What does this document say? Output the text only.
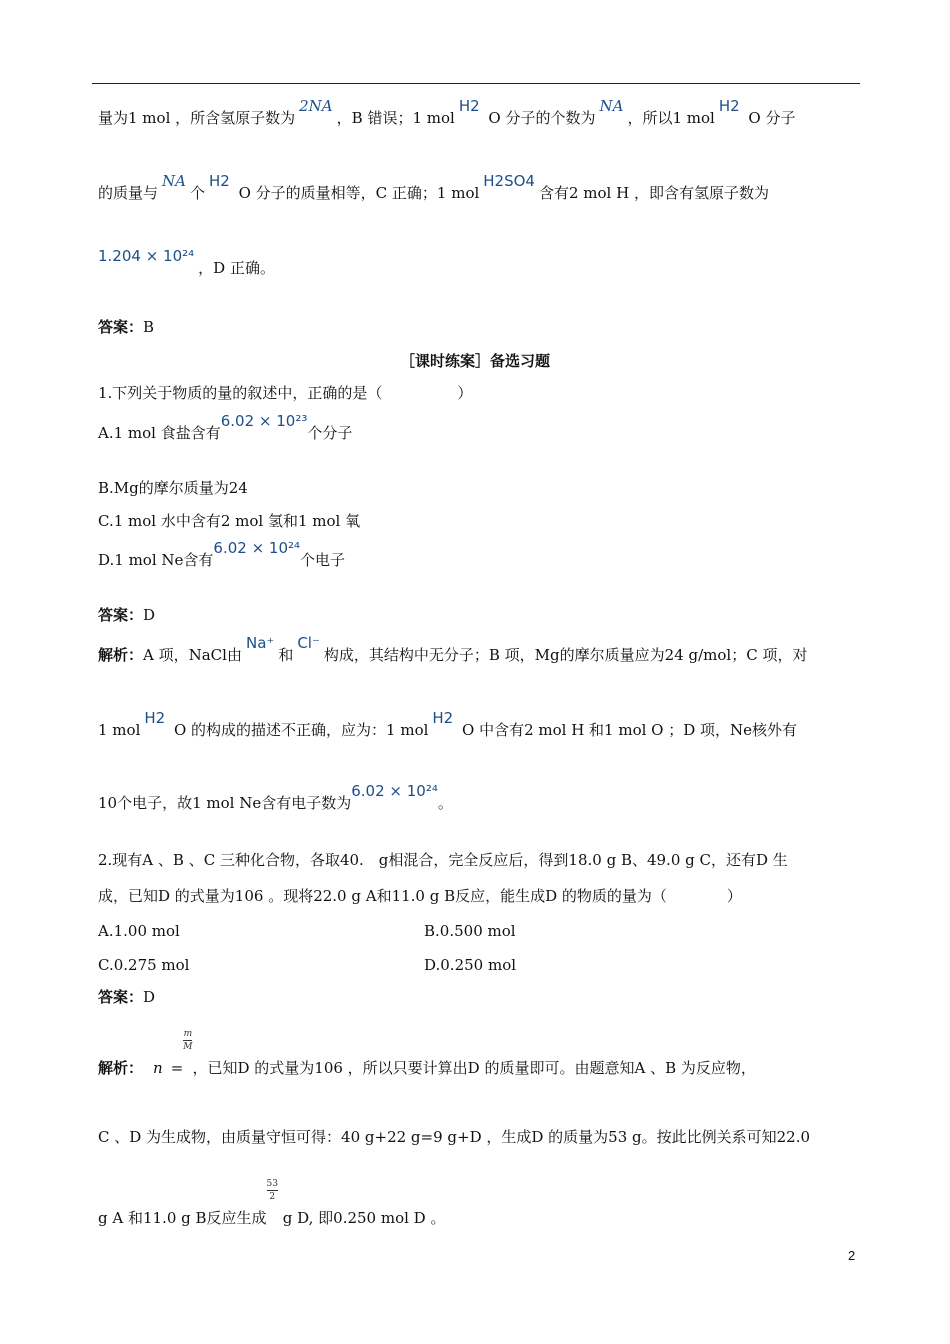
量为1 mol ，所含氢原子数为2NA，B 错误；1 molH2 O 分子的个数为NA，所以1 molH2 O 分子
的质量与NA个H2 O 分子的质量相等，C 正确；1 molH2SO4含有2 mol H ，即含有氢原子数为
1.204 × 10²⁴，D 正确。
答案：B
［课时练案］备选习题
1.下列关于物质的量的叙述中，正确的是（　　　　　）
A.1 mol 食盐含有6.02 × 10²³个分子
B.Mg的摩尔质量为24
C.1 mol 水中含有2 mol 氢和1 mol 氧
D.1 mol Ne含有6.02 × 10²⁴个电子
答案：D
解析：A 项，NaCl由Na⁺和Cl⁻构成，其结构中无分子；B 项，Mg的摩尔质量应为24 g/mol；C 项，对
1 molH2 O 的构成的描述不正确，应为：1 molH2 O 中含有2 mol H 和1 mol O ；D 项，Ne核外有
10个电子，故1 mol Ne含有电子数为6.02 × 10²⁴。
2.现有A 、B 、C 三种化合物，各取40.　g相混合，完全反应后，得到18.0 g B、49.0 g C，还有D 生
成，已知D 的式量为106 。现将22.0 g A和11.0 g B反应，能生成D 的物质的量为（　　　　）
A.1.00 mol	B.0.500 mol
C.0.275 mol	D.0.250 mol
答案：D
解析： n =
$\frac{m}{M}$
，已知D 的式量为106 ，所以只要计算出D 的质量即可。由题意知A 、B 为反应物，
C 、D 为生成物，由质量守恒可得：40 g+22 g=9 g+D ，生成D 的质量为53 g。按此比例关系可知22.0
g A 和11.0 g B反应生成
$\frac{53}{2}$
g D, 即0.250 mol D 。
2
